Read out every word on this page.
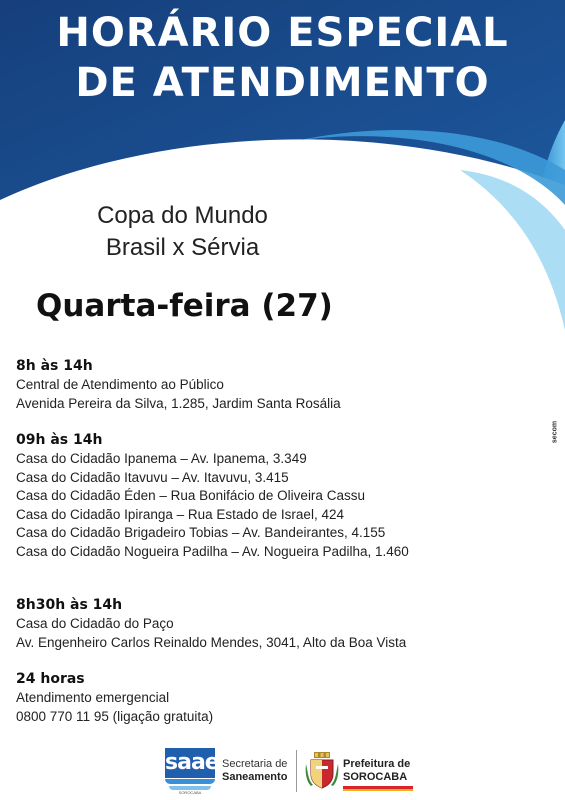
HORÁRIO ESPECIAL
DE ATENDIMENTO
Copa do Mundo
Brasil x Sérvia
Quarta-feira (27)
8h às 14h
Central de Atendimento ao Público
Avenida Pereira da Silva, 1.285, Jardim Santa Rosália
09h às 14h
Casa do Cidadão Ipanema – Av. Ipanema, 3.349
Casa do Cidadão Itavuvu – Av. Itavuvu, 3.415
Casa do Cidadão Éden – Rua Bonifácio de Oliveira Cassu
Casa do Cidadão Ipiranga – Rua Estado de Israel, 424
Casa do Cidadão Brigadeiro Tobias – Av. Bandeirantes, 4.155
Casa do Cidadão Nogueira Padilha – Av. Nogueira Padilha, 1.460
8h30h às 14h
Casa do Cidadão do Paço
Av. Engenheiro Carlos Reinaldo Mendes, 3041, Alto da Boa Vista
24 horas
Atendimento emergencial
0800 770 11 95 (ligação gratuita)
secom
saae
SOROCABA
Secretaria de
Saneamento
Prefeitura de
SOROCABA
